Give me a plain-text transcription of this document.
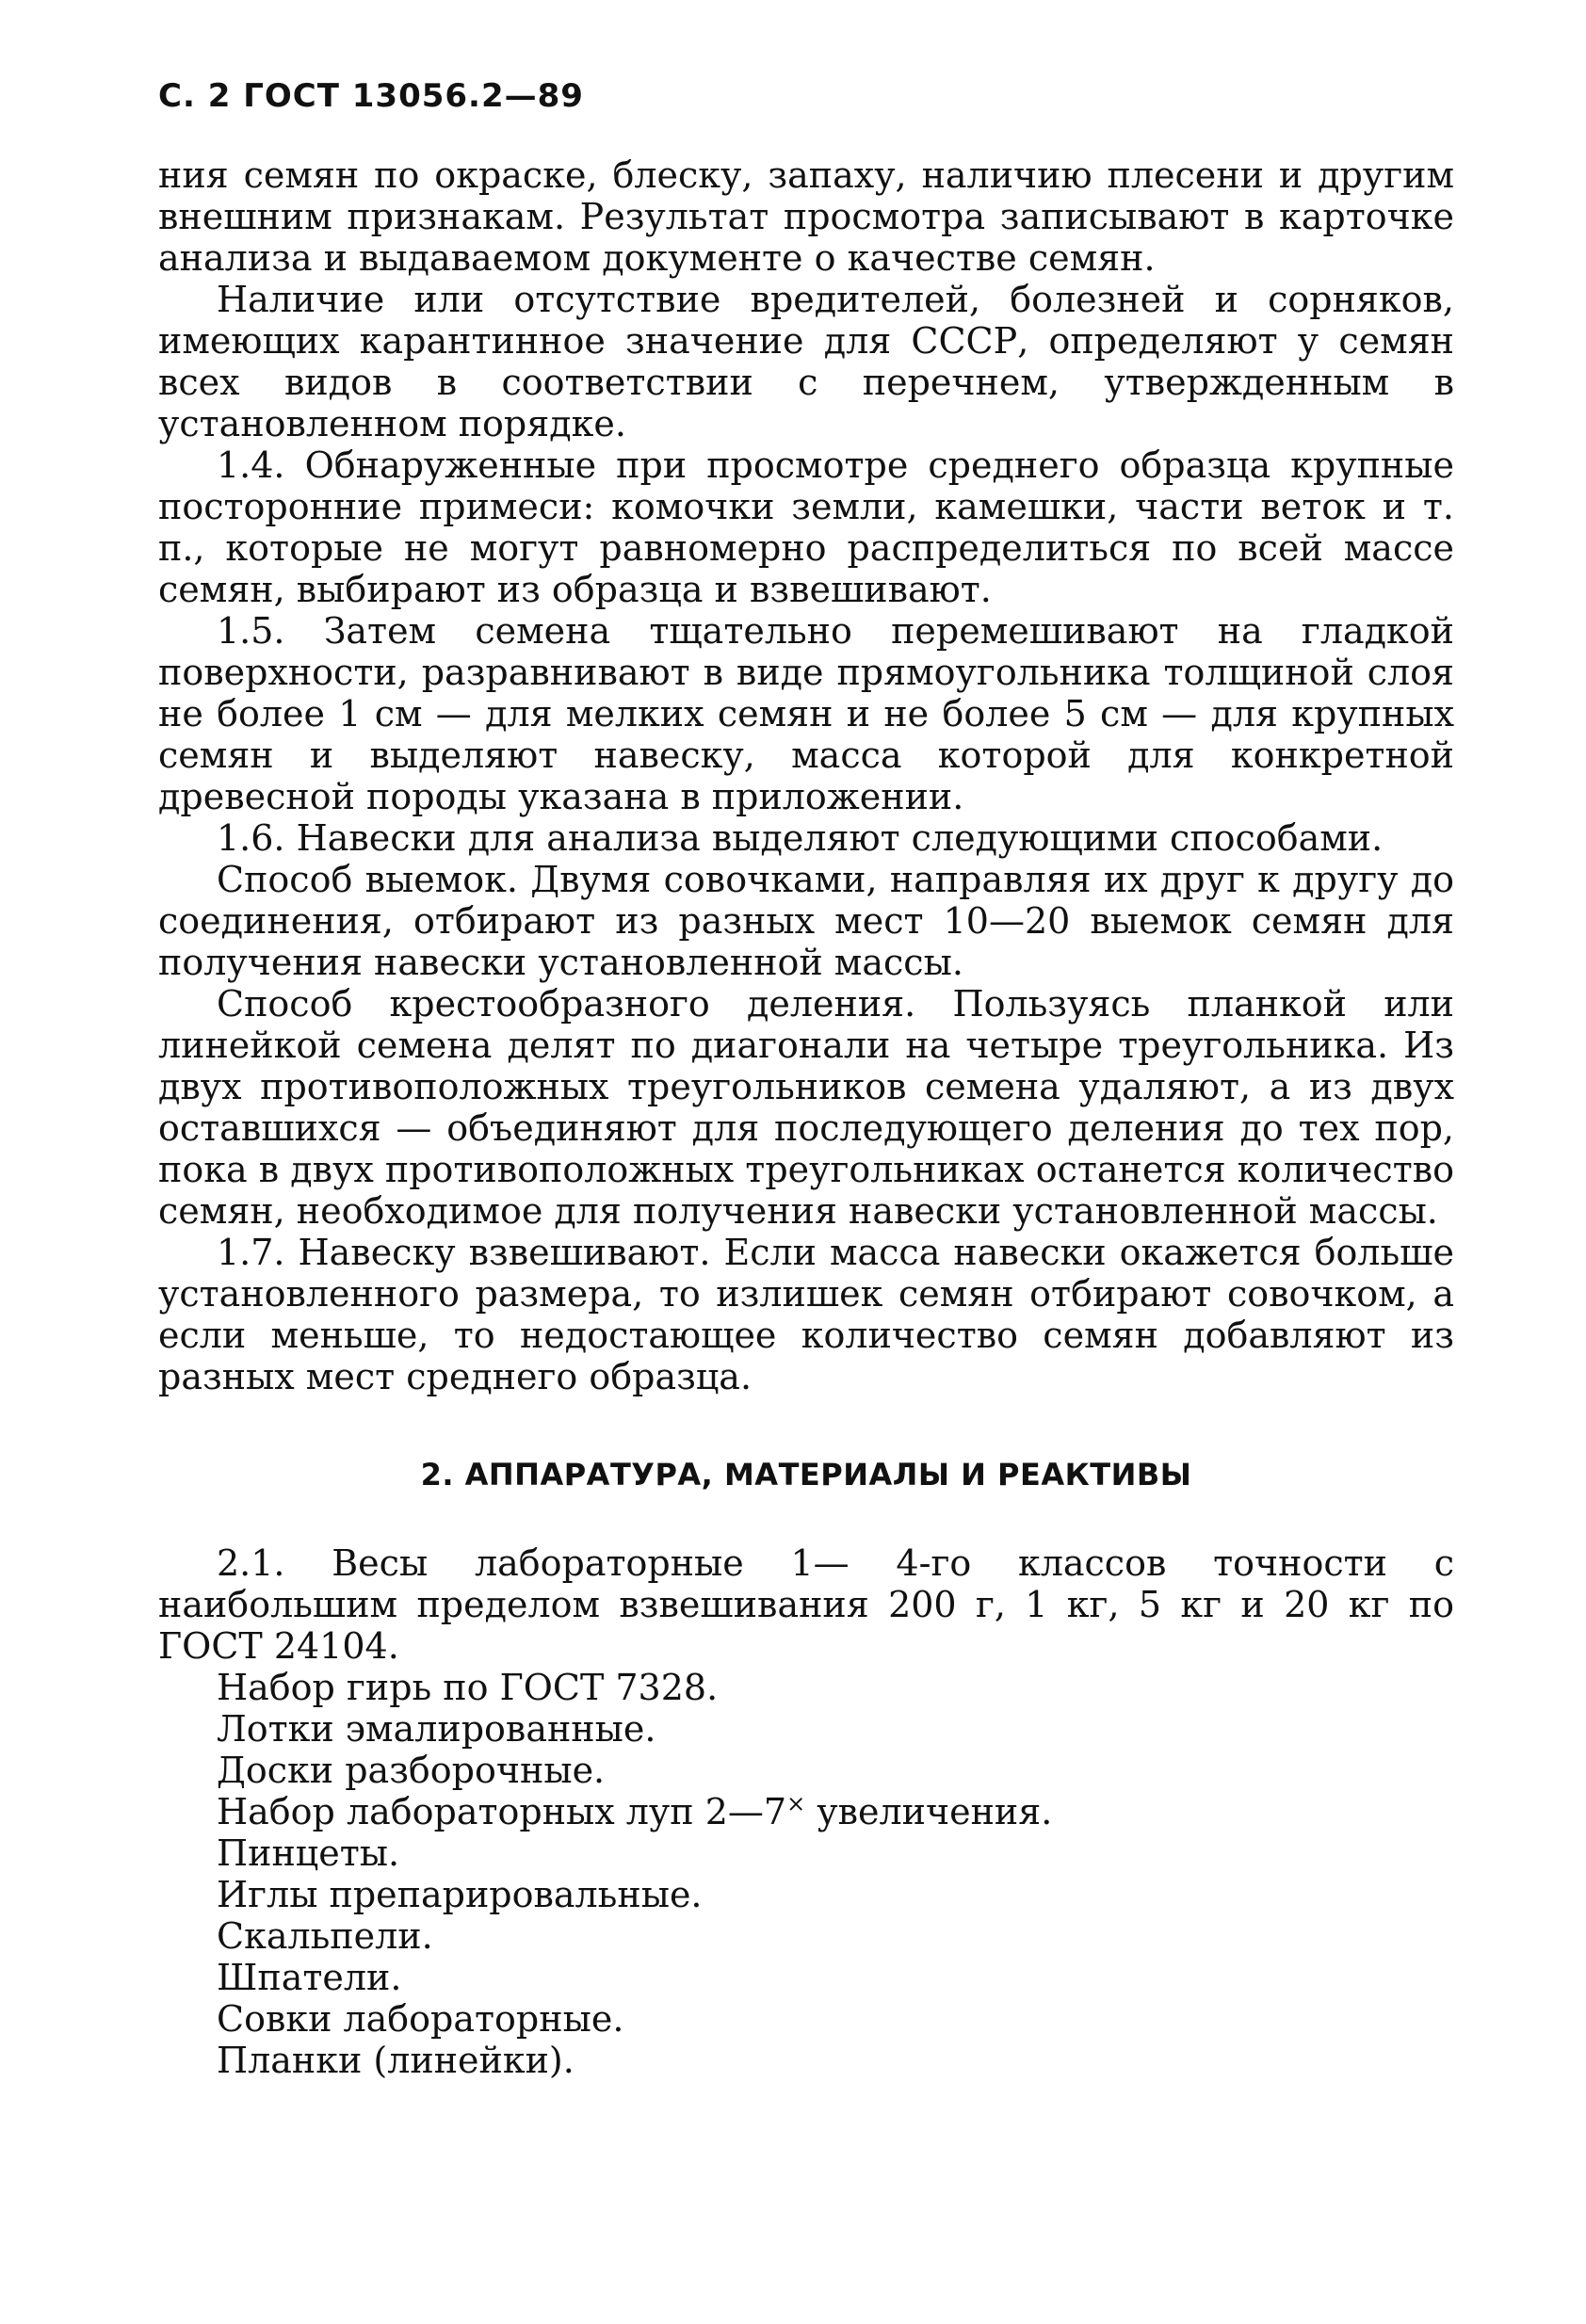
С. 2 ГОСТ 13056.2—89

ния семян по окраске, блеску, запаху, наличию плесени и другим внешним признакам. Результат просмотра записывают в карточке анализа и выдаваемом документе о качестве семян.

Наличие или отсутствие вредителей, болезней и сорняков, имеющих карантинное значение для СССР, определяют у семян всех видов в соответствии с перечнем, утвержденным в установленном порядке.

1.4. Обнаруженные при просмотре среднего образца крупные посторонние примеси: комочки земли, камешки, части веток и т. п., которые не могут равномерно распределиться по всей массе семян, выбирают из образца и взвешивают.

1.5. Затем семена тщательно перемешивают на гладкой поверхности, разравнивают в виде прямоугольника толщиной слоя не более 1 см — для мелких семян и не более 5 см — для крупных семян и выделяют навеску, масса которой для конкретной древесной породы указана в приложении.

1.6. Навески для анализа выделяют следующими способами.

Способ выемок. Двумя совочками, направляя их друг к другу до соединения, отбирают из разных мест 10—20 выемок семян для получения навески установленной массы.

Способ крестообразного деления. Пользуясь планкой или линейкой семена делят по диагонали на четыре треугольника. Из двух противоположных треугольников семена удаляют, а из двух оставшихся — объединяют для последующего деления до тех пор, пока в двух противоположных треугольниках останется количество семян, необходимое для получения навески установленной массы.

1.7. Навеску взвешивают. Если масса навески окажется больше установленного размера, то излишек семян отбирают совочком, а если меньше, то недостающее количество семян добавляют из разных мест среднего образца.

2. АППАРАТУРА, МАТЕРИАЛЫ И РЕАКТИВЫ

2.1. Весы лабораторные 1— 4-го классов точности с наибольшим пределом взвешивания 200 г, 1 кг, 5 кг и 20 кг по ГОСТ 24104.

Набор гирь по ГОСТ 7328.

Лотки эмалированные.

Доски разборочные.

Набор лабораторных луп 2—7× увеличения.

Пинцеты.

Иглы препарировальные.

Скальпели.

Шпатели.

Совки лабораторные.

Планки (линейки).
